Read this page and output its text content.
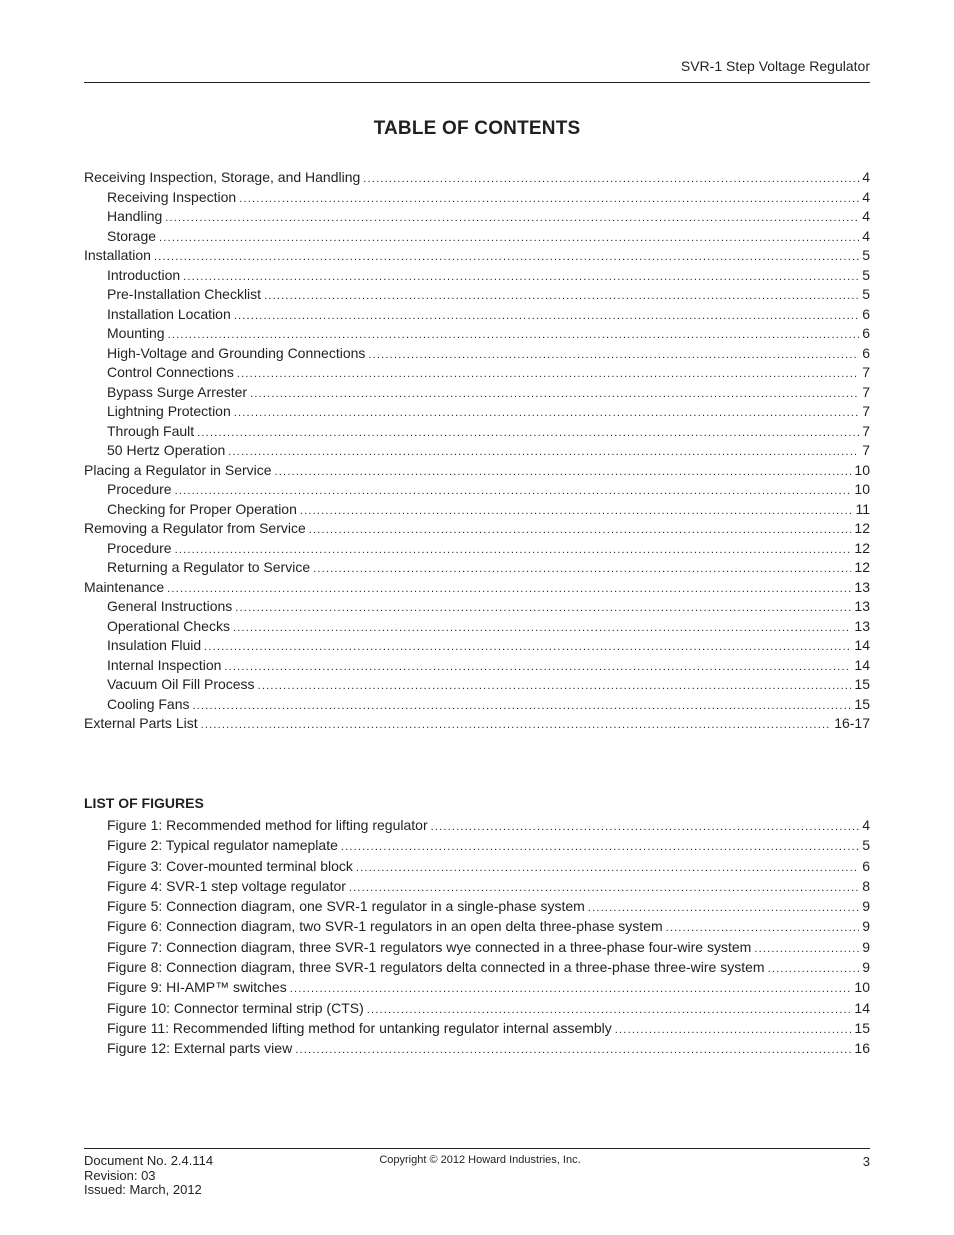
SVR-1 Step Voltage Regulator
TABLE OF CONTENTS
Receiving Inspection, Storage, and Handling .....	4
Receiving Inspection .....	4
Handling .....	4
Storage .....	4
Installation .....	5
Introduction .....	5
Pre-Installation Checklist .....	5
Installation Location .....	6
Mounting .....	6
High-Voltage and Grounding Connections .....	6
Control Connections .....	7
Bypass Surge Arrester .....	7
Lightning Protection .....	7
Through Fault .....	7
50 Hertz Operation .....	7
Placing a Regulator in Service .....	10
Procedure .....	10
Checking for Proper Operation .....	11
Removing a Regulator from Service .....	12
Procedure .....	12
Returning a Regulator to Service .....	12
Maintenance .....	13
General Instructions .....	13
Operational Checks .....	13
Insulation Fluid .....	14
Internal Inspection .....	14
Vacuum Oil Fill Process .....	15
Cooling Fans .....	15
External Parts List .....	16-17
LIST OF FIGURES
Figure 1: Recommended method for lifting regulator .....	4
Figure 2: Typical regulator nameplate .....	5
Figure 3: Cover-mounted terminal block .....	6
Figure 4: SVR-1 step voltage regulator .....	8
Figure 5: Connection diagram, one SVR-1 regulator in a single-phase system .....	9
Figure 6: Connection diagram, two SVR-1 regulators in an open delta three-phase system .....	9
Figure 7: Connection diagram, three SVR-1 regulators wye connected in a three-phase four-wire system .....	9
Figure 8: Connection diagram, three SVR-1 regulators delta connected in a three-phase three-wire system .....	9
Figure 9: HI-AMP™ switches .....	10
Figure 10: Connector terminal strip (CTS) .....	14
Figure 11: Recommended lifting method for untanking regulator internal assembly .....	15
Figure 12: External parts view .....	16
Document No. 2.4.114
Revision: 03
Issued: March, 2012
Copyright © 2012 Howard Industries, Inc.	3
